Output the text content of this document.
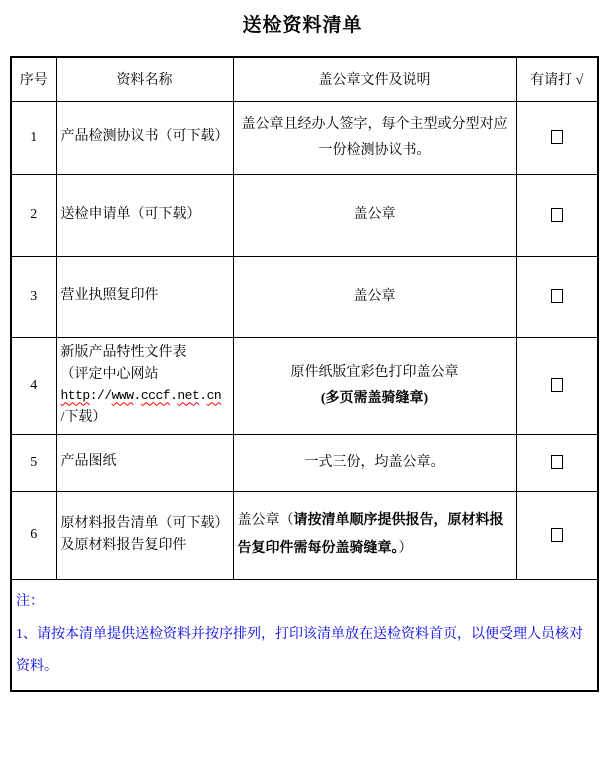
送检资料清单
序号	资料名称	盖公章文件及说明	有请打 √
1	产品检测协议书（可下载）	盖公章且经办人签字，每个主型或分型对应一份检测协议书。	
2	送检申请单（可下载）	盖公章	
3	营业执照复印件	盖公章	
4	新版产品特性文件表
（评定中心网站
http://www.cccf.net.cn
/下载）	原件纸版宜彩色打印盖公章
(多页需盖骑缝章)	

5	产品图纸	一式三份，均盖公章。	
6	原材料报告清单（可下载）及原材料报告复印件	盖公章（请按清单顺序提供报告，原材料报告复印件需每份盖骑缝章。）	

注：
1、请按本清单提供送检资料并按序排列，打印该清单放在送检资料首页，以便受理人员核对资料。			
